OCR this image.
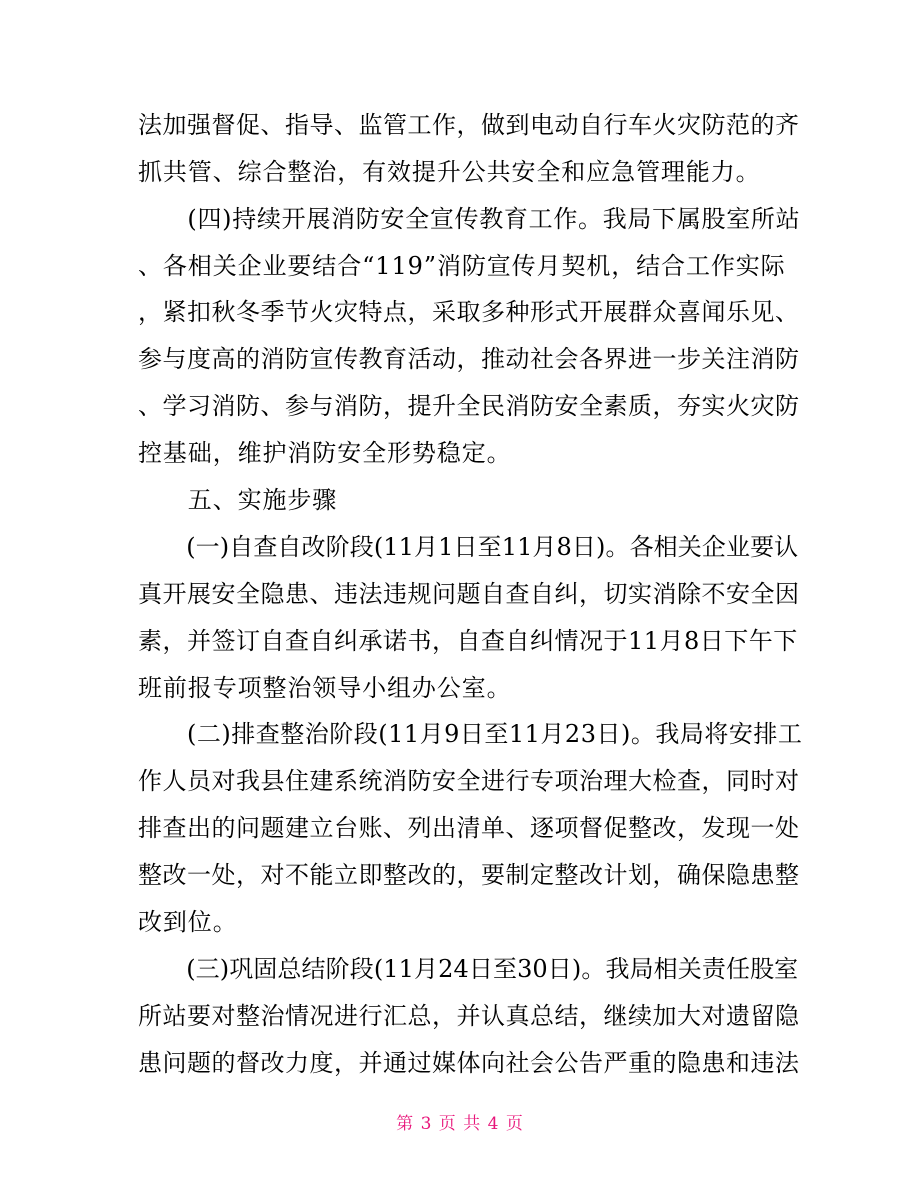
法加强督促、指导、监管工作，做到电动自行车火灾防范的齐
抓共管、综合整治，有效提升公共安全和应急管理能力。
　　(四)持续开展消防安全宣传教育工作。我局下属股室所站
、各相关企业要结合“119”消防宣传月契机，结合工作实际
，紧扣秋冬季节火灾特点，采取多种形式开展群众喜闻乐见、
参与度高的消防宣传教育活动，推动社会各界进一步关注消防
、学习消防、参与消防，提升全民消防安全素质，夯实火灾防
控基础，维护消防安全形势稳定。
　　五、实施步骤
　　(一)自查自改阶段(11月1日至11月8日)。各相关企业要认
真开展安全隐患、违法违规问题自查自纠，切实消除不安全因
素，并签订自查自纠承诺书，自查自纠情况于11月8日下午下
班前报专项整治领导小组办公室。
　　(二)排查整治阶段(11月9日至11月23日)。我局将安排工
作人员对我县住建系统消防安全进行专项治理大检查，同时对
排查出的问题建立台账、列出清单、逐项督促整改，发现一处
整改一处，对不能立即整改的，要制定整改计划，确保隐患整
改到位。
　　(三)巩固总结阶段(11月24日至30日)。我局相关责任股室
所站要对整治情况进行汇总，并认真总结，继续加大对遗留隐
患问题的督改力度，并通过媒体向社会公告严重的隐患和违法
第 3 页 共 4 页
